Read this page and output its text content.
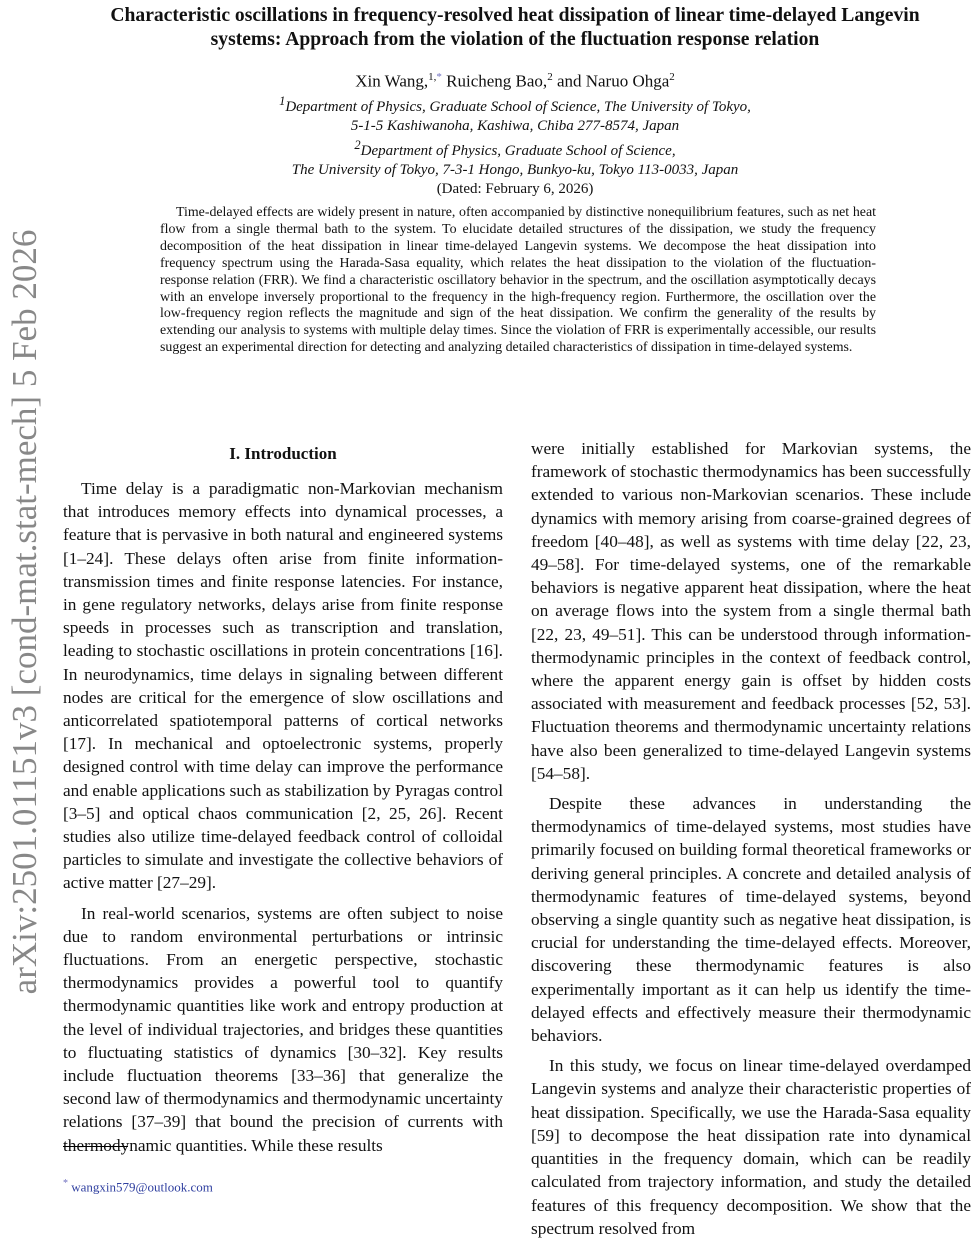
arXiv:2501.01151v3 [cond-mat.stat-mech] 5 Feb 2026
Characteristic oscillations in frequency-resolved heat dissipation of linear time-delayed Langevin
systems: Approach from the violation of the fluctuation response relation
Xin Wang,$^{1,*}$ Ruicheng Bao,$^2$ and Naruo Ohga$^2$
$^1$Department of Physics, Graduate School of Science, The University of Tokyo,
5-1-5 Kashiwanoha, Kashiwa, Chiba 277-8574, Japan
$^2$Department of Physics, Graduate School of Science,
The University of Tokyo, 7-3-1 Hongo, Bunkyo-ku, Tokyo 113-0033, Japan
(Dated: February 6, 2026)

Time-delayed effects are widely present in nature, often accompanied by distinctive nonequilibrium features, such as net heat flow from a single thermal bath to the system. To elucidate detailed structures of the dissipation, we study the frequency decomposition of the heat dissipation in linear time-delayed Langevin systems. We decompose the heat dissipation into frequency spectrum using the Harada-Sasa equality, which relates the heat dissipation to the violation of the fluctuation-response relation (FRR). We find a characteristic oscillatory behavior in the spectrum, and the oscillation asymptotically decays with an envelope inversely proportional to the frequency in the high-frequency region. Furthermore, the oscillation over the low-frequency region reflects the magnitude and sign of the heat dissipation. We confirm the generality of the results by extending our analysis to systems with multiple delay times. Since the violation of FRR is experimentally accessible, our results suggest an experimental direction for detecting and analyzing detailed characteristics of dissipation in time-delayed systems.

I. Introduction

Time delay is a paradigmatic non-Markovian mechanism that introduces memory effects into dynamical processes, a feature that is pervasive in both natural and engineered systems [1–24]. These delays often arise from finite information-transmission times and finite response latencies. For instance, in gene regulatory networks, delays arise from finite response speeds in processes such as transcription and translation, leading to stochastic oscillations in protein concentrations [16]. In neurodynamics, time delays in signaling between different nodes are critical for the emergence of slow oscillations and anticorrelated spatiotemporal patterns of cortical networks [17]. In mechanical and optoelectronic systems, properly designed control with time delay can improve the performance and enable applications such as stabilization by Pyragas control [3–5] and optical chaos communication [2, 25, 26]. Recent studies also utilize time-delayed feedback control of colloidal particles to simulate and investigate the collective behaviors of active matter [27–29].

In real-world scenarios, systems are often subject to noise due to random environmental perturbations or intrinsic fluctuations. From an energetic perspective, stochastic thermodynamics provides a powerful tool to quantify thermodynamic quantities like work and entropy production at the level of individual trajectories, and bridges these quantities to fluctuating statistics of dynamics [30–32]. Key results include fluctuation theorems [33–36] that generalize the second law of thermodynamics and thermodynamic uncertainty relations [37–39] that bound the precision of currents with thermodynamic quantities. While these results

were initially established for Markovian systems, the framework of stochastic thermodynamics has been successfully extended to various non-Markovian scenarios. These include dynamics with memory arising from coarse-grained degrees of freedom [40–48], as well as systems with time delay [22, 23, 49–58]. For time-delayed systems, one of the remarkable behaviors is negative apparent heat dissipation, where the heat on average flows into the system from a single thermal bath [22, 23, 49–51]. This can be understood through information-thermodynamic principles in the context of feedback control, where the apparent energy gain is offset by hidden costs associated with measurement and feedback processes [52, 53]. Fluctuation theorems and thermodynamic uncertainty relations have also been generalized to time-delayed Langevin systems [54–58].

Despite these advances in understanding the thermodynamics of time-delayed systems, most studies have primarily focused on building formal theoretical frameworks or deriving general principles. A concrete and detailed analysis of thermodynamic features of time-delayed systems, beyond observing a single quantity such as negative heat dissipation, is crucial for understanding the time-delayed effects. Moreover, discovering these thermodynamic features is also experimentally important as it can help us identify the time-delayed effects and effectively measure their thermodynamic behaviors.

In this study, we focus on linear time-delayed overdamped Langevin systems and analyze their characteristic properties of heat dissipation. Specifically, we use the Harada-Sasa equality [59] to decompose the heat dissipation rate into dynamical quantities in the frequency domain, which can be readily calculated from trajectory information, and study the detailed features of this frequency decomposition. We show that the spectrum resolved from

* wangxin579@outlook.com
